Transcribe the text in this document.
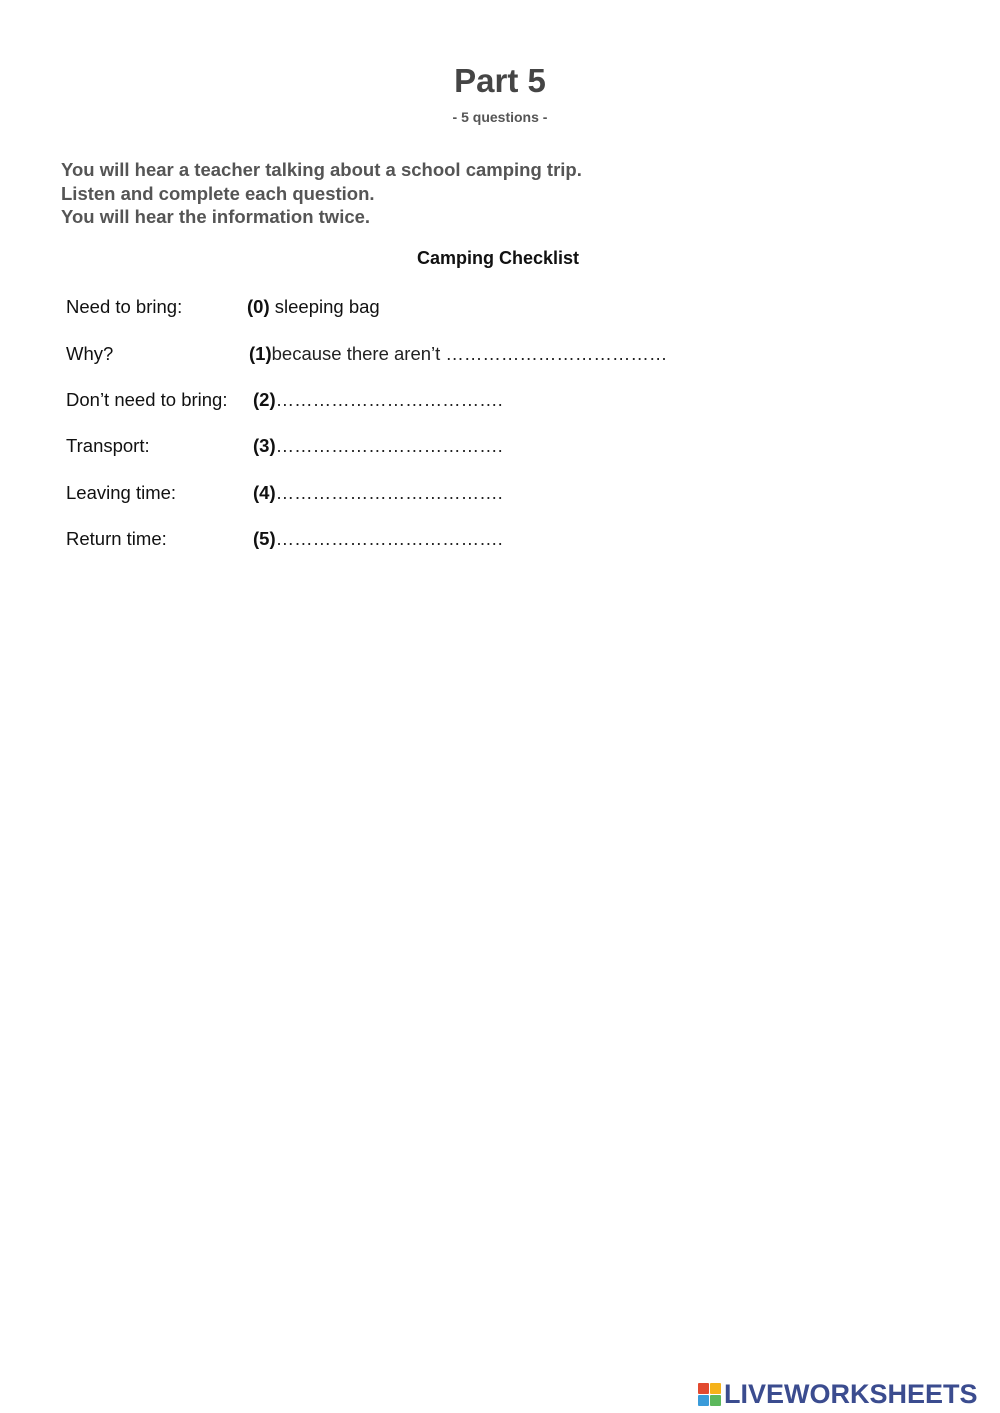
Part 5
- 5 questions -
You will hear a teacher talking about a school camping trip.
Listen and complete each question.
You will hear the information twice.
Camping Checklist
Need to bring:	(0) sleeping bag
Why?	(1)because there aren’t ………………………………
Don’t need to bring: (2)……………………………….
Transport:	(3)……………………………….
Leaving time:	(4)……………………………….
Return time:	(5)……………………………….
LIVEWORKSHEETS
